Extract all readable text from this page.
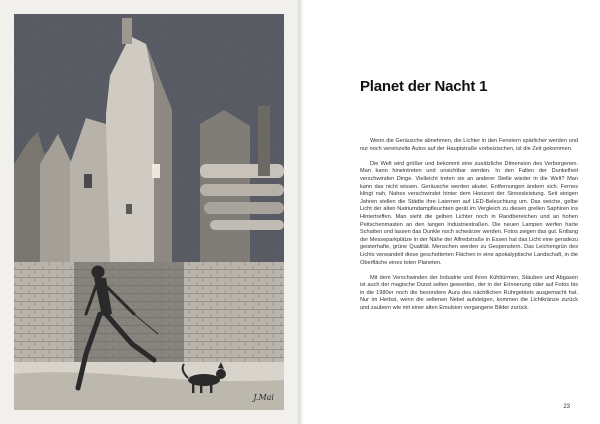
J.Mai
Planet der Nacht 1

Wenn die Geräusche abnehmen, die Lichter in den Fenstern spärlicher werden und nur noch vereinzelte Autos auf der Hauptstraße vorbeizischen, ist die Zeit gekommen.

Die Welt wird größer und bekommt eine zusätzliche Dimension des Verborgenen. Man kann hineintreten und unsichtbar werden. In den Falten der Dunkelheit verschwinden Dinge. Vielleicht treten sie an anderer Stelle wieder in die Welt? Man kann das nicht wissen. Geräusche werden akuter. Entfernungen ändern sich. Fernes klingt nah, Nahes verschwindet hinter dem Horizont der Sinnesleistung. Seit einigen Jahren stellen die Städte ihre Laternen auf LED-Beleuchtung um. Das weiche, gelbe Licht der alten Natriumdampfleuchten gerät im Vergleich zu diesen grellen Saphiren ins Hintertreffen. Man sieht die gelben Lichter noch in Randbereichen und an hohen Peitschenmasten an den langen Industriestraßen. Die neuen Lampen werfen harte Schatten und lassen das Dunkle noch schwärzer werden. Fotos zeigen das gut. Entlang der Messeparkplätze in der Nähe der Alfredstraße in Essen hat das Licht eine geradezu geisterhafte, grüne Qualität. Menschen werden zu Gespenstern. Das Leichengrün des Lichts verwandelt diese geschotterten Flächen in eine apokalyptische Landschaft, in die Oberfläche eines toten Planeten.

Mit dem Verschwinden der Industrie und ihren Kühltürmen, Stäuben und Abgasen ist auch der magische Dunst selten geworden, der in der Erinnerung oder auf Fotos bis in die 1980er noch die besondere Aura des nächtlichen Ruhrgebiets ausgemacht hat. Nur im Herbst, wenn die seltenen Nebel aufsteigen, kommen die Lichtkränze zurück und zaubern wie mit einer alten Emulsion vergangene Bilder zurück.

23
